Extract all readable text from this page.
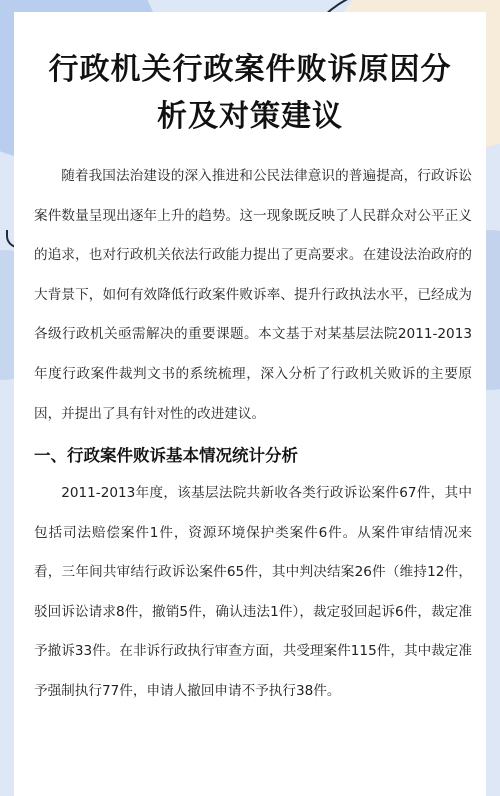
行政机关行政案件败诉原因分析及对策建议

随着我国法治建设的深入推进和公民法律意识的普遍提高，行政诉讼案件数量呈现出逐年上升的趋势。这一现象既反映了人民群众对公平正义的追求，也对行政机关依法行政能力提出了更高要求。在建设法治政府的大背景下，如何有效降低行政案件败诉率、提升行政执法水平，已经成为各级行政机关亟需解决的重要课题。本文基于对某基层法院2011-2013年度行政案件裁判文书的系统梳理，深入分析了行政机关败诉的主要原因，并提出了具有针对性的改进建议。

一、行政案件败诉基本情况统计分析

2011-2013年度，该基层法院共新收各类行政诉讼案件67件，其中包括司法赔偿案件1件，资源环境保护类案件6件。从案件审结情况来看，三年间共审结行政诉讼案件65件，其中判决结案26件（维持12件，驳回诉讼请求8件，撤销5件，确认违法1件），裁定驳回起诉6件，裁定准予撤诉33件。在非诉行政执行审查方面，共受理案件115件，其中裁定准予强制执行77件，申请人撤回申请不予执行38件。
